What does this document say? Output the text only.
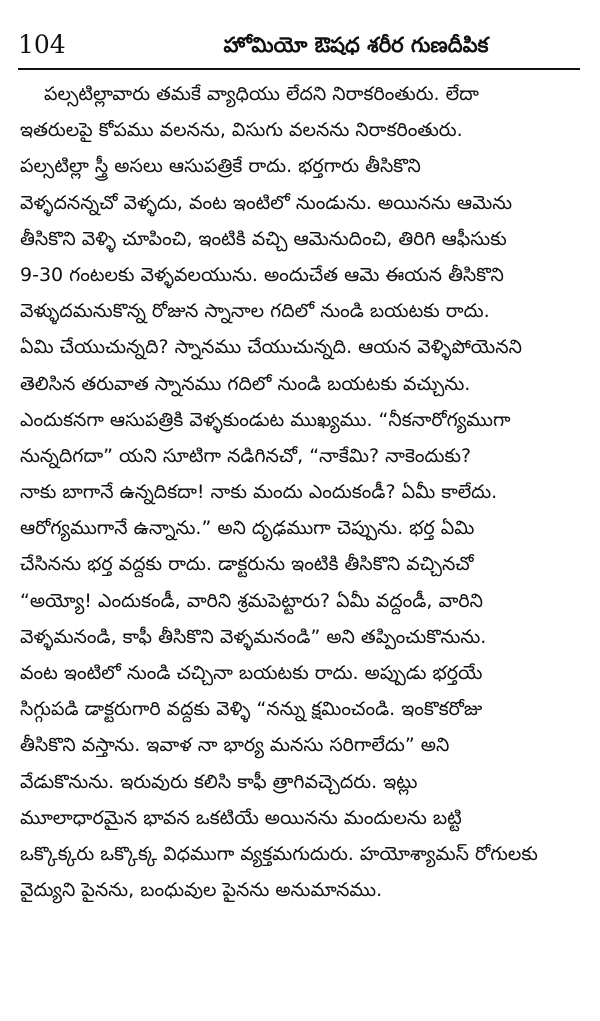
104	హోమియో ఔషధ శరీర గుణదీపిక
పల్సటిల్లావారు తమకే వ్యాధియు లేదని నిరాకరింతురు. లేదా
ఇతరులపై కోపము వలనను, విసుగు వలనను నిరాకరింతురు.
పల్సటిల్లా స్త్రీ అసలు ఆసుపత్రికే రాదు. భర్తగారు తీసికొని
వెళ్ళదనన్నచో వెళ్ళదు, వంట ఇంటిలో నుండును. అయినను ఆమెను
తీసికొని వెళ్ళి చూపించి, ఇంటికి వచ్చి ఆమెనుదించి, తిరిగి ఆఫీసుకు
9-30 గంటలకు వెళ్ళవలయును. అందుచేత ఆమె ఈయన తీసికొని
వెళ్ళుదమనుకొన్న రోజున స్నానాల గదిలో నుండి బయటకు రాదు.
ఏమి చేయుచున్నది? స్నానము చేయుచున్నది. ఆయన వెళ్ళిపోయెనని
తెలిసిన తరువాత స్నానము గదిలో నుండి బయటకు వచ్చును.
ఎందుకనగా ఆసుపత్రికి వెళ్ళకుండుట ముఖ్యము. “నీకనారోగ్యముగా
నున్నదిగదా” యని సూటిగా నడిగినచో, “నాకేమి? నాకెందుకు?
నాకు బాగానే ఉన్నదికదా! నాకు మందు ఎందుకండీ? ఏమీ కాలేదు.
ఆరోగ్యముగానే ఉన్నాను.” అని దృఢముగా చెప్పును. భర్త ఏమి
చేసినను భర్త వద్దకు రాదు. డాక్టరును ఇంటికి తీసికొని వచ్చినచో
“అయ్యో! ఎందుకండీ, వారిని శ్రమపెట్టారు? ఏమీ వద్దండీ, వారిని
వెళ్ళమనండి, కాఫీ తీసికొని వెళ్ళమనండి” అని తప్పించుకొనును.
వంట ఇంటిలో నుండి చచ్చినా బయటకు రాదు. అప్పుడు భర్తయే
సిగ్గుపడి డాక్టరుగారి వద్దకు వెళ్ళి “నన్ను క్షమించండి. ఇంకొకరోజు
తీసికొని వస్తాను. ఇవాళ నా భార్య మనసు సరిగాలేదు” అని
వేడుకొనును. ఇరువురు కలిసి కాఫీ త్రాగివచ్చెదరు. ఇట్లు
మూలాధారమైన భావన ఒకటియే అయినను మందులను బట్టి
ఒక్కొక్కరు ఒక్కొక్క విధముగా వ్యక్తమగుదురు. హయోశ్యామస్ రోగులకు
వైద్యుని పైనను, బంధువుల పైనను అనుమానము.
